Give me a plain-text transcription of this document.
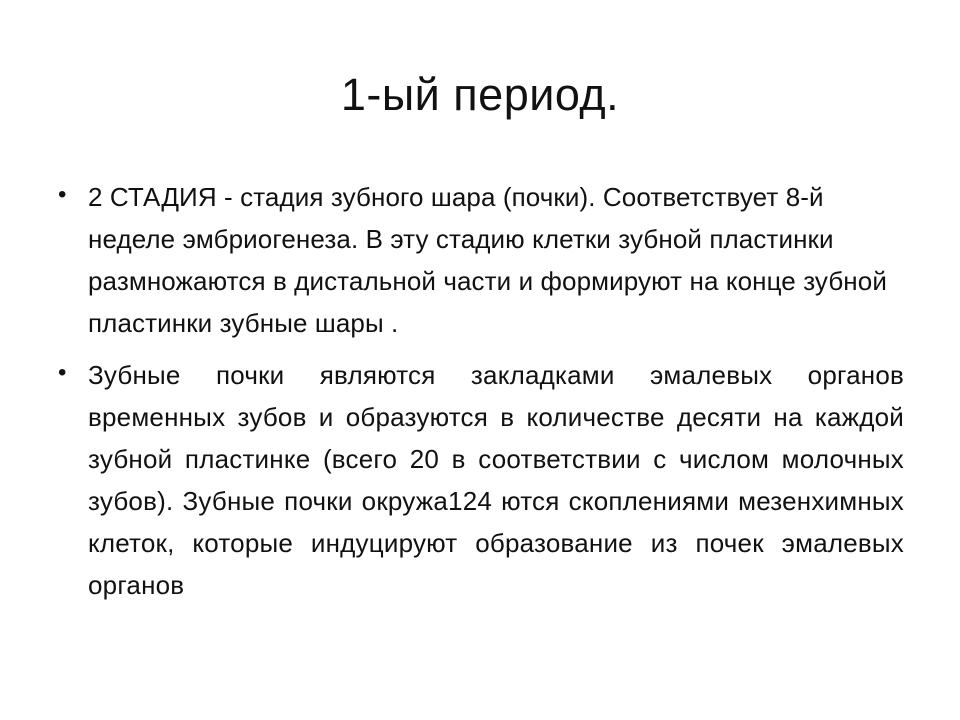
1-ый период.
• 2 СТАДИЯ - стадия зубного шара (почки). Соответствует 8-й неделе эмбриогенеза. В эту стадию клетки зубной пластинки размножаются в дистальной части и формируют на конце зубной пластинки зубные шары .
• Зубные почки являются закладками эмалевых органов временных зубов и образуются в количестве десяти на каждой зубной пластинке (всего 20 в соответствии с числом молочных зубов). Зубные почки окружа124 ются скоплениями мезенхимных клеток, которые индуцируют образование из почек эмалевых органов
